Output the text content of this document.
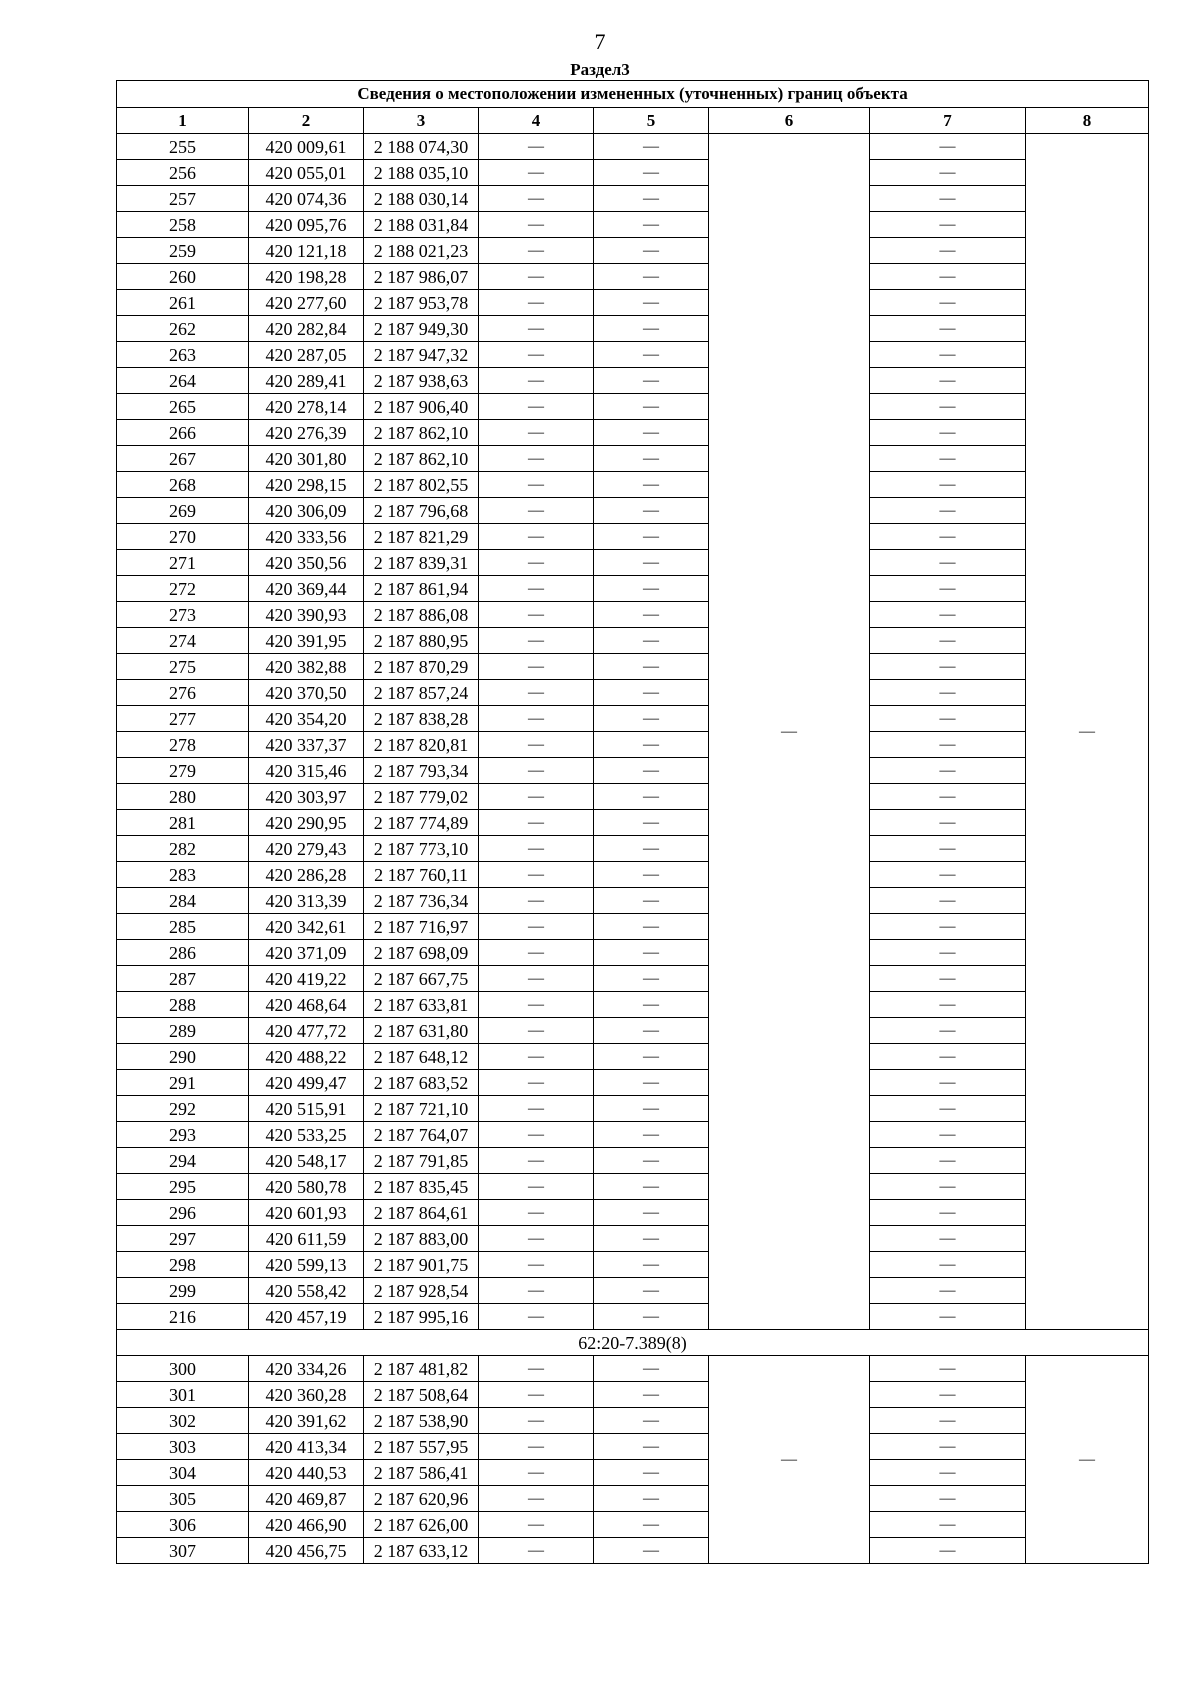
7
Раздел3
Сведения о местоположении измененных (уточненных) границ объекта							
1	2	3	4	5	6	7	8
255	420 009,61	2 188 074,30	—	—	—	—	—
256	420 055,01	2 188 035,10	—	—		—	
257	420 074,36	2 188 030,14	—	—		—	
258	420 095,76	2 188 031,84	—	—		—	
259	420 121,18	2 188 021,23	—	—		—	
260	420 198,28	2 187 986,07	—	—		—	
261	420 277,60	2 187 953,78	—	—		—	
262	420 282,84	2 187 949,30	—	—		—	
263	420 287,05	2 187 947,32	—	—		—	
264	420 289,41	2 187 938,63	—	—		—	
265	420 278,14	2 187 906,40	—	—		—	
266	420 276,39	2 187 862,10	—	—		—	
267	420 301,80	2 187 862,10	—	—		—	
268	420 298,15	2 187 802,55	—	—		—	
269	420 306,09	2 187 796,68	—	—		—	
270	420 333,56	2 187 821,29	—	—		—	
271	420 350,56	2 187 839,31	—	—		—	
272	420 369,44	2 187 861,94	—	—		—	
273	420 390,93	2 187 886,08	—	—		—	
274	420 391,95	2 187 880,95	—	—		—	
275	420 382,88	2 187 870,29	—	—		—	
276	420 370,50	2 187 857,24	—	—		—	
277	420 354,20	2 187 838,28	—	—		—	
278	420 337,37	2 187 820,81	—	—		—	
279	420 315,46	2 187 793,34	—	—		—	
280	420 303,97	2 187 779,02	—	—		—	
281	420 290,95	2 187 774,89	—	—		—	
282	420 279,43	2 187 773,10	—	—		—	
283	420 286,28	2 187 760,11	—	—		—	
284	420 313,39	2 187 736,34	—	—		—	
285	420 342,61	2 187 716,97	—	—		—	
286	420 371,09	2 187 698,09	—	—		—	
287	420 419,22	2 187 667,75	—	—		—	
288	420 468,64	2 187 633,81	—	—		—	
289	420 477,72	2 187 631,80	—	—		—	
290	420 488,22	2 187 648,12	—	—		—	
291	420 499,47	2 187 683,52	—	—		—	
292	420 515,91	2 187 721,10	—	—		—	
293	420 533,25	2 187 764,07	—	—		—	
294	420 548,17	2 187 791,85	—	—		—	
295	420 580,78	2 187 835,45	—	—		—	
296	420 601,93	2 187 864,61	—	—		—	
297	420 611,59	2 187 883,00	—	—		—	
298	420 599,13	2 187 901,75	—	—		—	
299	420 558,42	2 187 928,54	—	—		—	
216	420 457,19	2 187 995,16	—	—		—	
62:20-7.389(8)							
300	420 334,26	2 187 481,82	—	—	—	—	—
301	420 360,28	2 187 508,64	—	—		—	
302	420 391,62	2 187 538,90	—	—		—	
303	420 413,34	2 187 557,95	—	—		—	
304	420 440,53	2 187 586,41	—	—		—	
305	420 469,87	2 187 620,96	—	—		—	
306	420 466,90	2 187 626,00	—	—		—	
307	420 456,75	2 187 633,12	—	—		—	
